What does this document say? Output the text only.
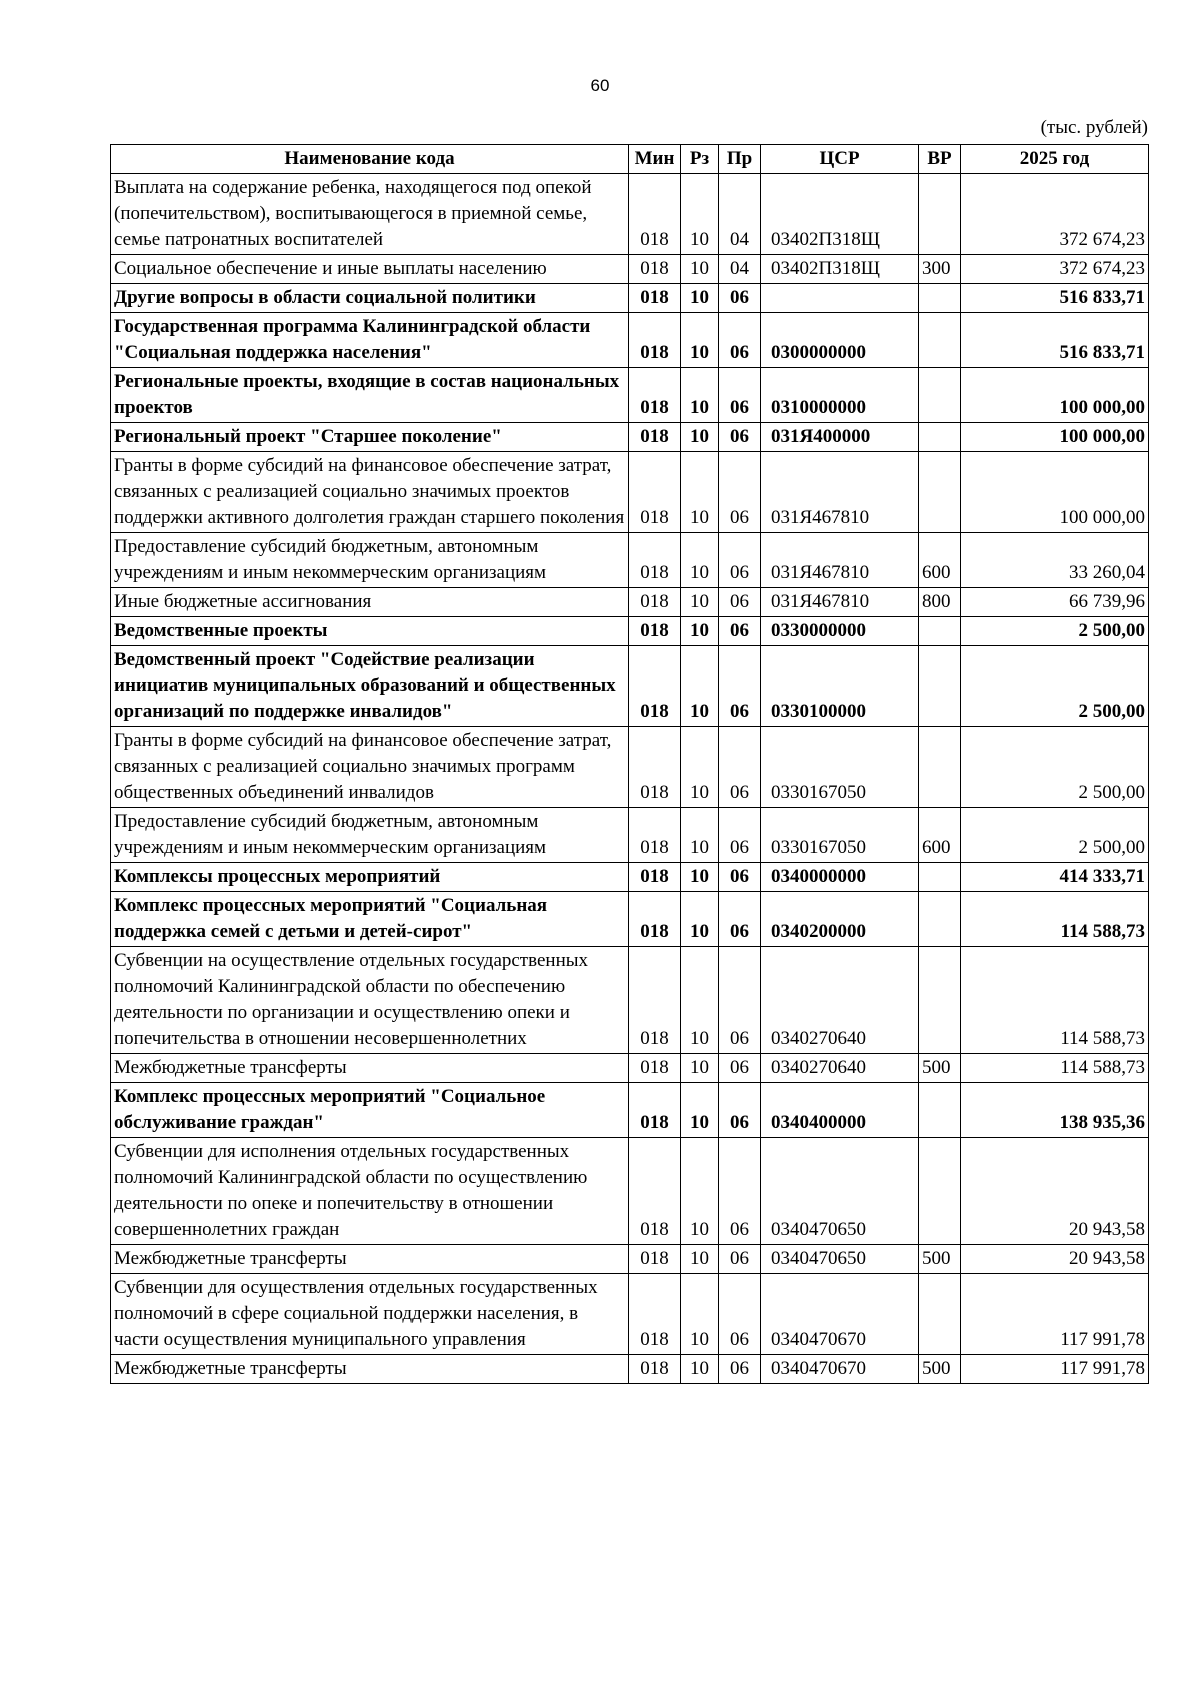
60
(тыс. рублей)
Наименование кода	Мин	Рз	Пр	ЦСР	ВР	2025 год
Выплата на содержание ребенка, находящегося под опекой (попечительством), воспитывающегося в приемной семье, семье патронатных воспитателей	018	10	04	03402П318Щ		372 674,23
Социальное обеспечение и иные выплаты населению	018	10	04	03402П318Щ	300	372 674,23
Другие вопросы в области социальной политики	018	10	06			516 833,71
Государственная программа Калининградской области "Социальная поддержка населения"	018	10	06	0300000000		516 833,71
Региональные проекты, входящие в состав национальных проектов	018	10	06	0310000000		100 000,00
Региональный проект "Старшее поколение"	018	10	06	031Я400000		100 000,00
Гранты в форме субсидий на финансовое обеспечение затрат, связанных с реализацией социально значимых проектов поддержки активного долголетия граждан старшего поколения	018	10	06	031Я467810		100 000,00
Предоставление субсидий бюджетным, автономным учреждениям и иным некоммерческим организациям	018	10	06	031Я467810	600	33 260,04
Иные бюджетные ассигнования	018	10	06	031Я467810	800	66 739,96
Ведомственные проекты	018	10	06	0330000000		2 500,00
Ведомственный проект "Содействие реализации инициатив муниципальных образований и общественных организаций по поддержке инвалидов"	018	10	06	0330100000		2 500,00
Гранты в форме субсидий на финансовое обеспечение затрат, связанных с реализацией социально значимых программ общественных объединений инвалидов	018	10	06	0330167050		2 500,00
Предоставление субсидий бюджетным, автономным учреждениям и иным некоммерческим организациям	018	10	06	0330167050	600	2 500,00
Комплексы процессных мероприятий	018	10	06	0340000000		414 333,71
Комплекс процессных мероприятий "Социальная поддержка семей с детьми и детей-сирот"	018	10	06	0340200000		114 588,73
Субвенции на осуществление отдельных государственных полномочий Калининградской области по обеспечению деятельности по организации и осуществлению опеки и попечительства в отношении несовершеннолетних	018	10	06	0340270640		114 588,73
Межбюджетные трансферты	018	10	06	0340270640	500	114 588,73
Комплекс процессных мероприятий "Социальное обслуживание граждан"	018	10	06	0340400000		138 935,36
Субвенции для исполнения отдельных государственных полномочий Калининградской области по осуществлению деятельности по опеке и попечительству в отношении совершеннолетних граждан	018	10	06	0340470650		20 943,58
Межбюджетные трансферты	018	10	06	0340470650	500	20 943,58
Субвенции для осуществления отдельных государственных полномочий в сфере социальной поддержки населения, в части осуществления муниципального управления	018	10	06	0340470670		117 991,78
Межбюджетные трансферты	018	10	06	0340470670	500	117 991,78
